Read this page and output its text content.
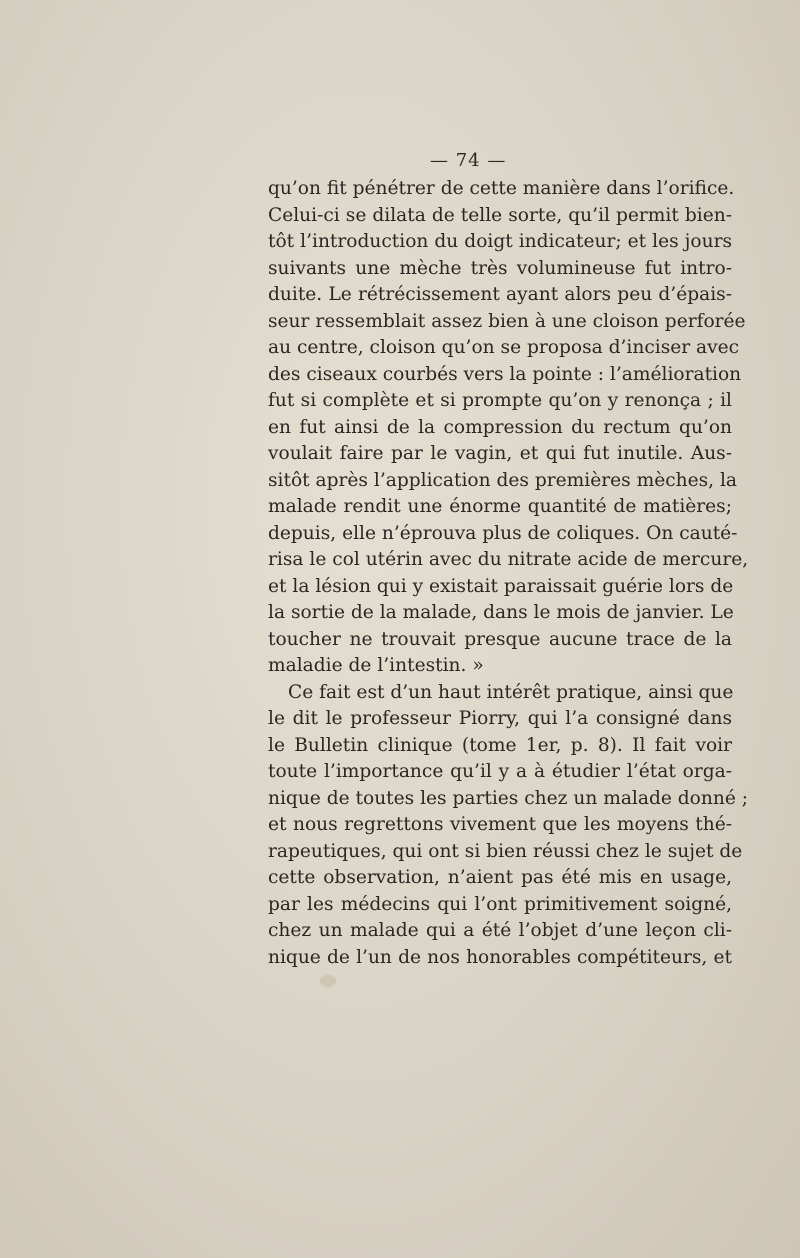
— 74 —
qu’on fit pénétrer de cette manière dans l’orifice.
Celui-ci se dilata de telle sorte, qu’il permit bien-
tôt l’introduction du doigt indicateur; et les jours
suivants une mèche très volumineuse fut intro-
duite. Le rétrécissement ayant alors peu d’épais-
seur ressemblait assez bien à une cloison perforée
au centre, cloison qu’on se proposa d’inciser avec
des ciseaux courbés vers la pointe : l’amélioration
fut si complète et si prompte qu’on y renonça ; il
en fut ainsi de la compression du rectum qu’on
voulait faire par le vagin, et qui fut inutile. Aus-
sitôt après l’application des premières mèches, la
malade rendit une énorme quantité de matières;
depuis, elle n’éprouva plus de coliques. On cauté-
risa le col utérin avec du nitrate acide de mercure,
et la lésion qui y existait paraissait guérie lors de
la sortie de la malade, dans le mois de janvier. Le
toucher ne trouvait presque aucune trace de la
maladie de l’intestin. »
Ce fait est d’un haut intérêt pratique, ainsi que
le dit le professeur Piorry, qui l’a consigné dans
le Bulletin clinique (tome 1er, p. 8). Il fait voir
toute l’importance qu’il y a à étudier l’état orga-
nique de toutes les parties chez un malade donné ;
et nous regrettons vivement que les moyens thé-
rapeutiques, qui ont si bien réussi chez le sujet de
cette observation, n’aient pas été mis en usage,
par les médecins qui l’ont primitivement soigné,
chez un malade qui a été l’objet d’une leçon cli-
nique de l’un de nos honorables compétiteurs, et
